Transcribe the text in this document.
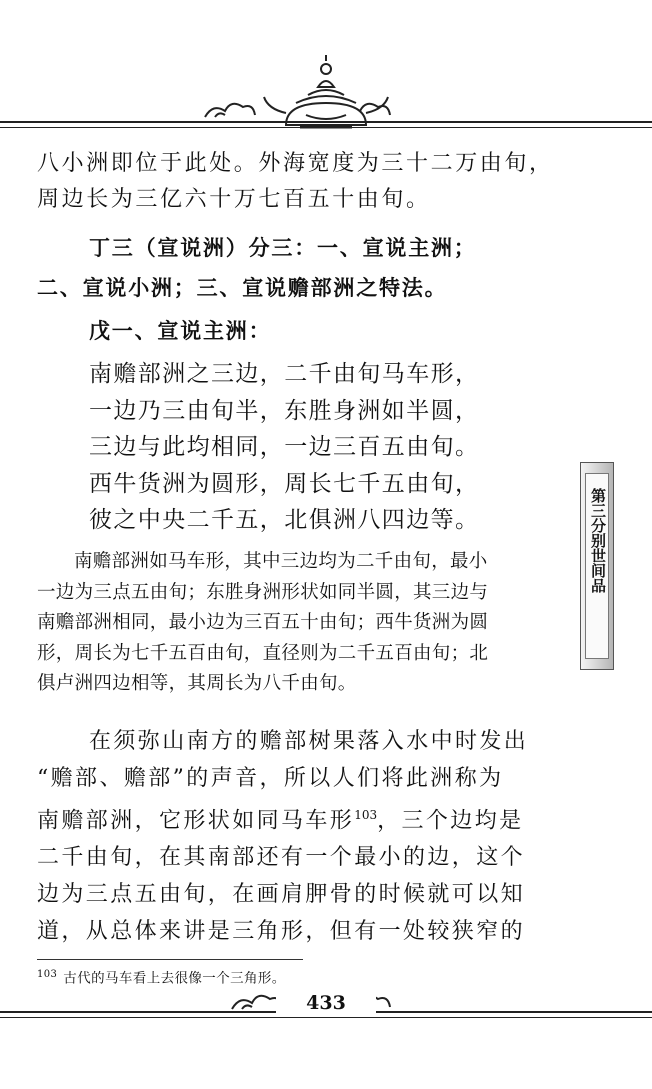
八小洲即位于此处。外海宽度为三十二万由旬，

周边长为三亿六十万七百五十由旬。

丁三（宣说洲）分三：一、宣说主洲；

二、宣说小洲；三、宣说赡部洲之特法。

戊一、宣说主洲：

南赡部洲之三边，二千由旬马车形，

一边乃三由旬半，东胜身洲如半圆，

三边与此均相同，一边三百五由旬。

西牛货洲为圆形，周长七千五由旬，

彼之中央二千五，北俱洲八四边等。

南赡部洲如马车形，其中三边均为二千由旬，最小

一边为三点五由旬；东胜身洲形状如同半圆，其三边与

南赡部洲相同，最小边为三百五十由旬；西牛货洲为圆

形，周长为七千五百由旬，直径则为二千五百由旬；北

俱卢洲四边相等，其周长为八千由旬。

在须弥山南方的赡部树果落入水中时发出

“赡部、赡部”的声音，所以人们将此洲称为

南赡部洲，它形状如同马车形$^{103}$，三个边均是

二千由旬，在其南部还有一个最小的边，这个

边为三点五由旬，在画肩胛骨的时候就可以知

道，从总体来讲是三角形，但有一处较狭窄的

$^{103}$ 古代的马车看上去很像一个三角形。
433
第三分别世间品
